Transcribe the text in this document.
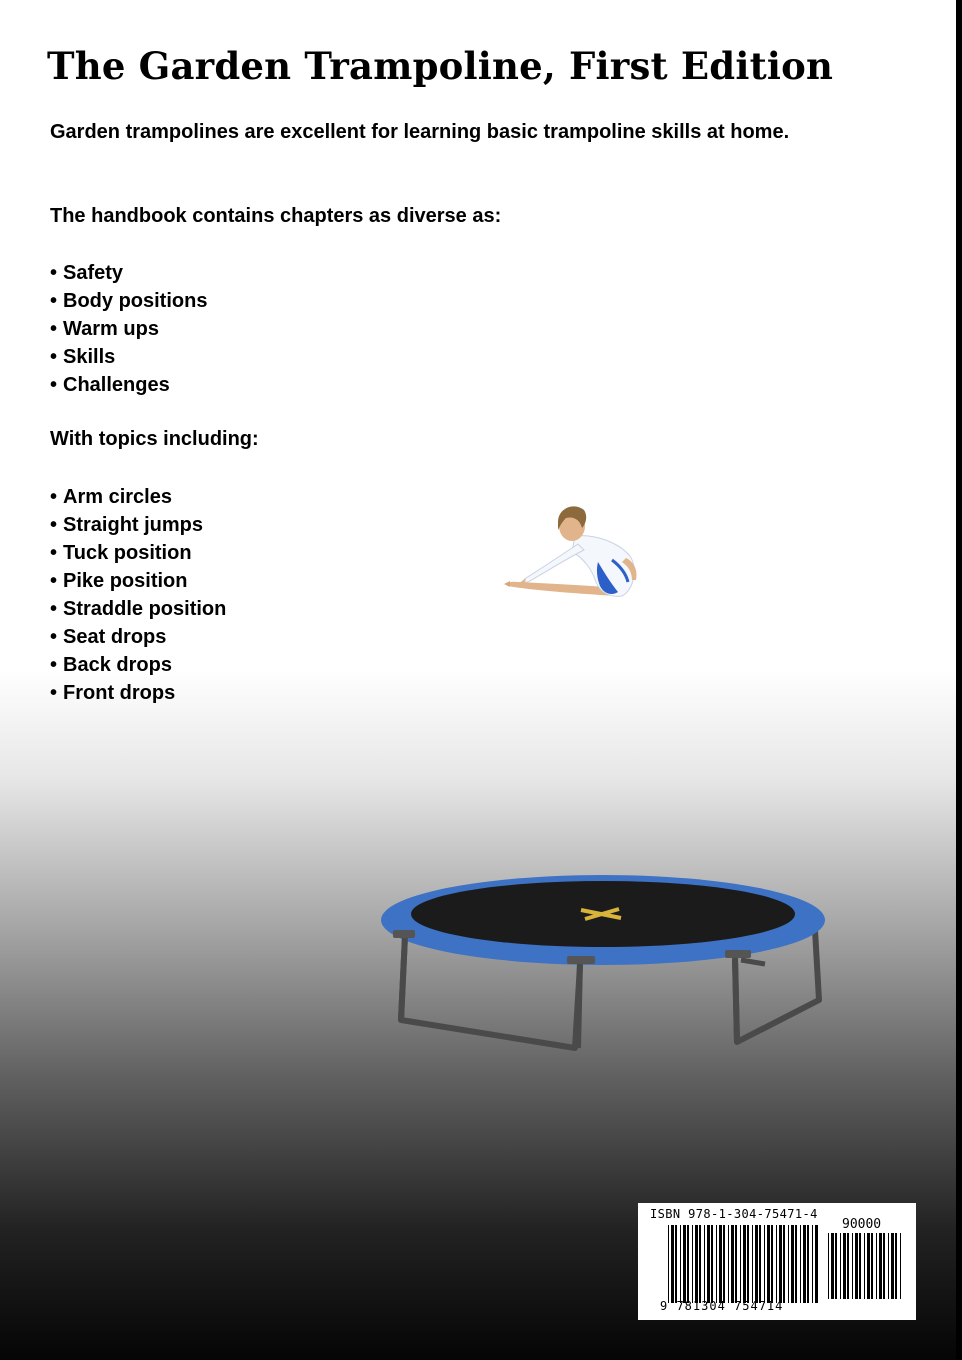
The Garden Trampoline, First Edition

Garden trampolines are excellent for learning basic trampoline skills at home.

The handbook contains chapters as diverse as:

• Safety
• Body positions
• Warm ups
• Skills
• Challenges

With topics including:

• Arm circles
• Straight jumps
• Tuck position
• Pike position
• Straddle position
• Seat drops
• Back drops
• Front drops
ISBN 978-1-304-75471-4
90000
9 781304 754714
